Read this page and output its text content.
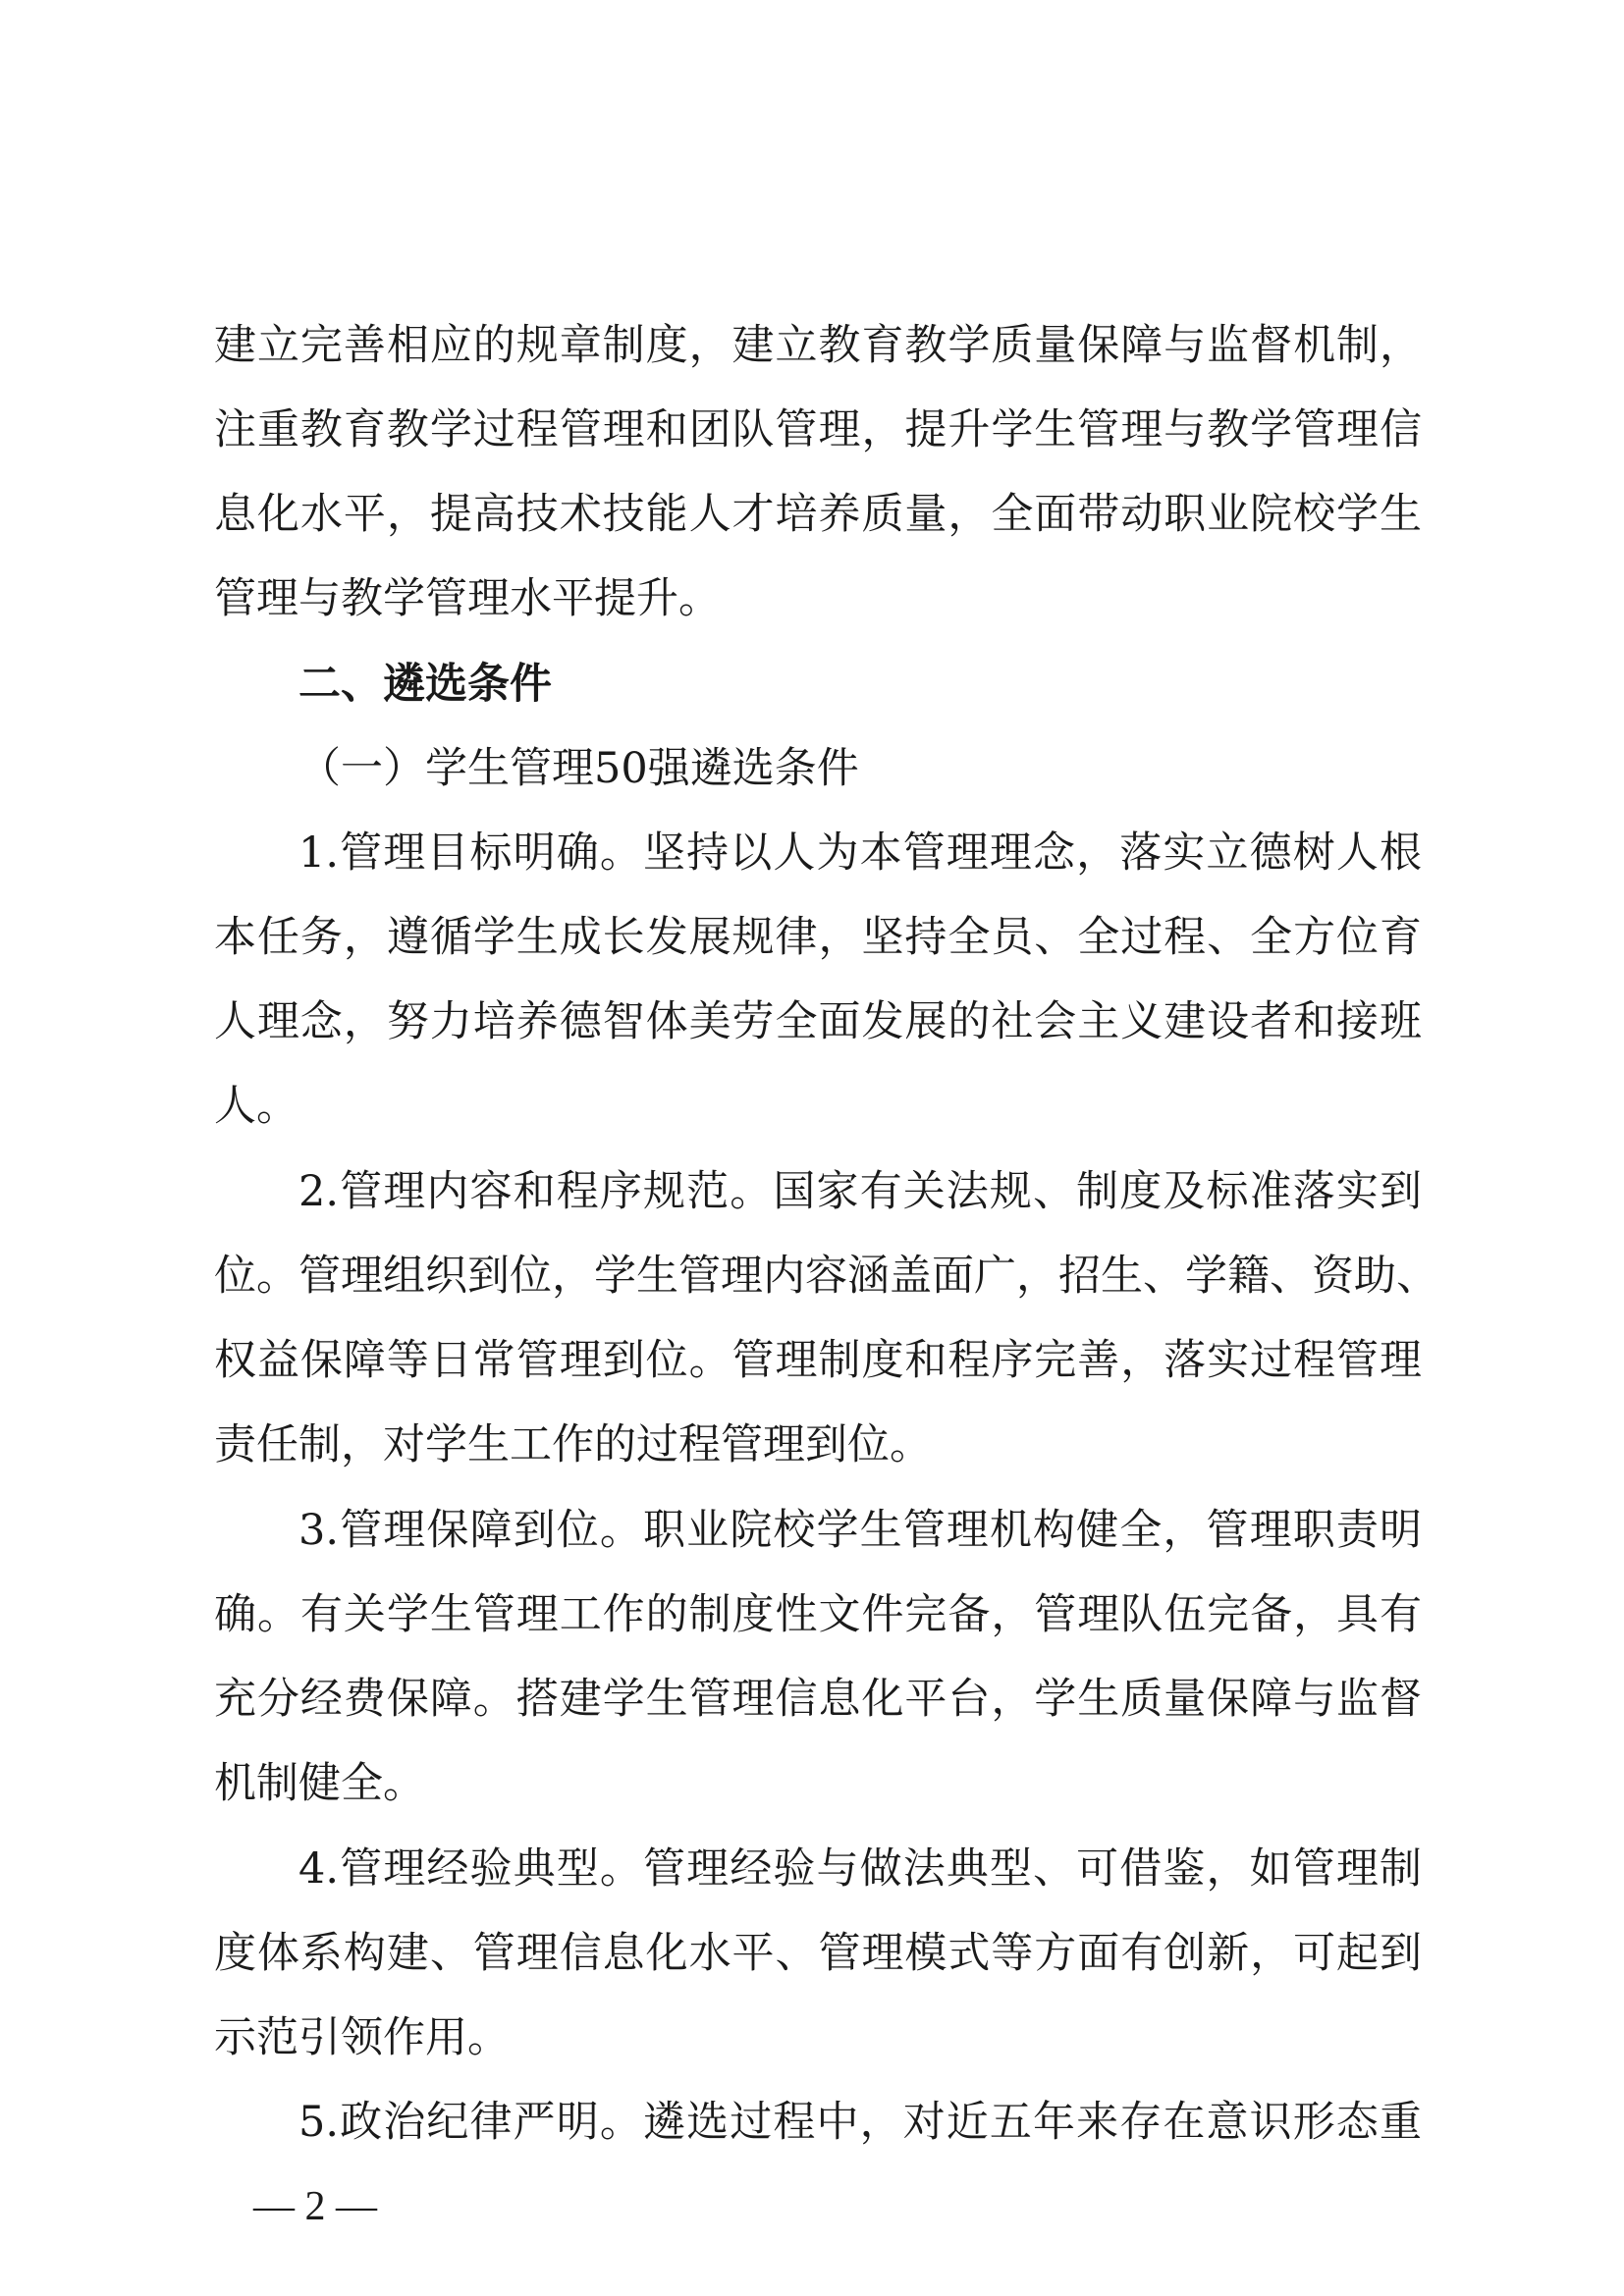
建立完善相应的规章制度，建立教育教学质量保障与监督机制，
注重教育教学过程管理和团队管理，提升学生管理与教学管理信
息化水平，提高技术技能人才培养质量，全面带动职业院校学生
管理与教学管理水平提升。
二、遴选条件
（一）学生管理50强遴选条件
1.管理目标明确。坚持以人为本管理理念，落实立德树人根
本任务，遵循学生成长发展规律，坚持全员、全过程、全方位育
人理念，努力培养德智体美劳全面发展的社会主义建设者和接班
人。
2.管理内容和程序规范。国家有关法规、制度及标准落实到
位。管理组织到位，学生管理内容涵盖面广，招生、学籍、资助、
权益保障等日常管理到位。管理制度和程序完善，落实过程管理
责任制，对学生工作的过程管理到位。
3.管理保障到位。职业院校学生管理机构健全，管理职责明
确。有关学生管理工作的制度性文件完备，管理队伍完备，具有
充分经费保障。搭建学生管理信息化平台，学生质量保障与监督
机制健全。
4.管理经验典型。管理经验与做法典型、可借鉴，如管理制
度体系构建、管理信息化水平、管理模式等方面有创新，可起到
示范引领作用。
5.政治纪律严明。遴选过程中，对近五年来存在意识形态重
— 2 —
